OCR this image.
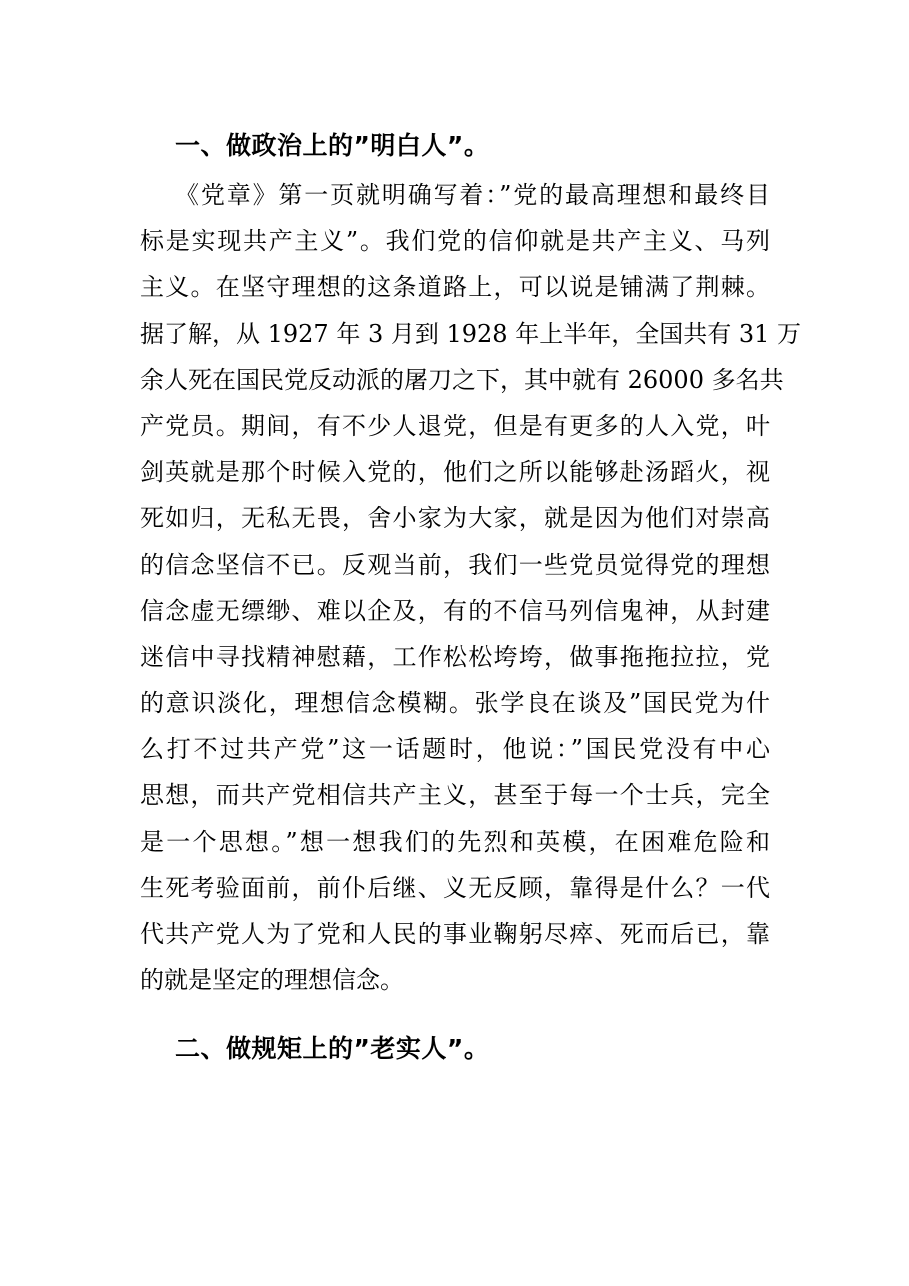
一、做政治上的”明白人”。
《党章》第一页就明确写着：”党的最高理想和最终目
标是实现共产主义”。我们党的信仰就是共产主义、马列
主义。在坚守理想的这条道路上，可以说是铺满了荆棘。
据了解，从 1927 年 3 月到 1928 年上半年，全国共有 31 万
余人死在国民党反动派的屠刀之下，其中就有 26000 多名共
产党员。期间，有不少人退党，但是有更多的人入党，叶
剑英就是那个时候入党的，他们之所以能够赴汤蹈火，视
死如归，无私无畏，舍小家为大家，就是因为他们对崇高
的信念坚信不已。反观当前，我们一些党员觉得党的理想
信念虚无缥缈、难以企及，有的不信马列信鬼神，从封建
迷信中寻找精神慰藉，工作松松垮垮，做事拖拖拉拉，党
的意识淡化，理想信念模糊。张学良在谈及”国民党为什
么打不过共产党”这一话题时，他说：”国民党没有中心
思想，而共产党相信共产主义，甚至于每一个士兵，完全
是一个思想。”想一想我们的先烈和英模，在困难危险和
生死考验面前，前仆后继、义无反顾，靠得是什么？一代
代共产党人为了党和人民的事业鞠躬尽瘁、死而后已，靠
的就是坚定的理想信念。
二、做规矩上的”老实人”。
